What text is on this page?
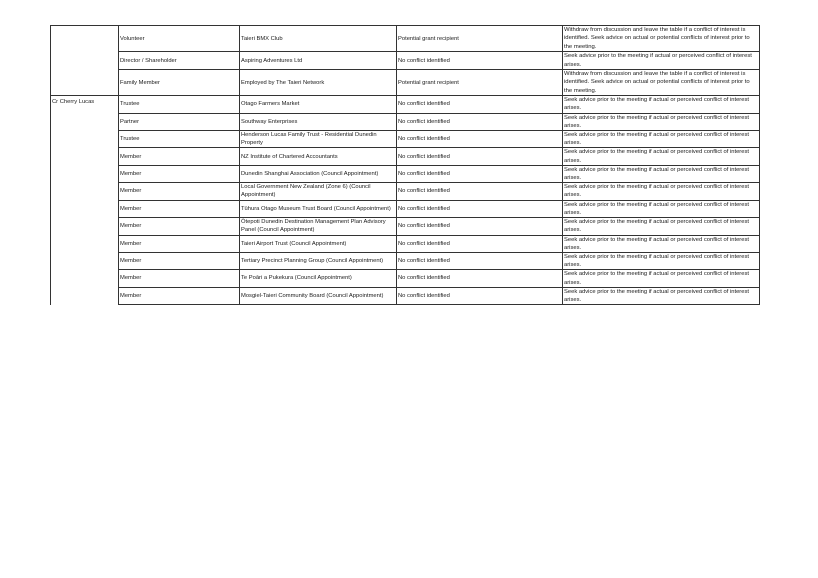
	Volunteer	Taieri BMX Club	Potential grant recipient	Withdraw from discussion and leave the table if a conflict of interest is identified. Seek advice on actual or potential conflicts of interest prior to the meeting.
	Director / Shareholder	Aspiring Adventures Ltd	No conflict identified	Seek advice prior to the meeting if actual or perceived conflict of interest arises.
	Family Member	Employed by The Taieri Network	Potential grant recipient	Withdraw from discussion and leave the table if a conflict of interest is identified. Seek advice on actual or potential conflicts of interest prior to the meeting.
Cr Cherry Lucas	Trustee	Otago Farmers Market	No conflict identified	Seek advice prior to the meeting if actual or perceived conflict of interest arises.
	Partner	Southway Enterprises	No conflict identified	Seek advice prior to the meeting if actual or perceived conflict of interest arises.
	Trustee	Henderson Lucas Family Trust - Residential Dunedin Property	No conflict identified	Seek advice prior to the meeting if actual or perceived conflict of interest arises.
	Member	NZ Institute of Chartered Accountants	No conflict identified	Seek advice prior to the meeting if actual or perceived conflict of interest arises.
	Member	Dunedin Shanghai Association (Council Appointment)	No conflict identified	Seek advice prior to the meeting if actual or perceived conflict of interest arises.
	Member	Local Government New Zealand (Zone 6) (Council Appointment)	No conflict identified	Seek advice prior to the meeting if actual or perceived conflict of interest arises.
	Member	Tūhura Otago Museum Trust Board (Council Appointment)	No conflict identified	Seek advice prior to the meeting if actual or perceived conflict of interest arises.
	Member	Ōtepoti Dunedin Destination Management Plan Advisory Panel (Council Appointment)	No conflict identified	Seek advice prior to the meeting if actual or perceived conflict of interest arises.
	Member	Taieri Airport Trust (Council Appointment)	No conflict identified	Seek advice prior to the meeting if actual or perceived conflict of interest arises.
	Member	Tertiary Precinct Planning Group (Council Appointment)	No conflict identified	Seek advice prior to the meeting if actual or perceived conflict of interest arises.
	Member	Te Poāri a Pukekura (Council Appointment)	No conflict identified	Seek advice prior to the meeting if actual or perceived conflict of interest arises.
	Member	Mosgiel-Taieri Community Board (Council Appointment)	No conflict identified	Seek advice prior to the meeting if actual or perceived conflict of interest arises.
